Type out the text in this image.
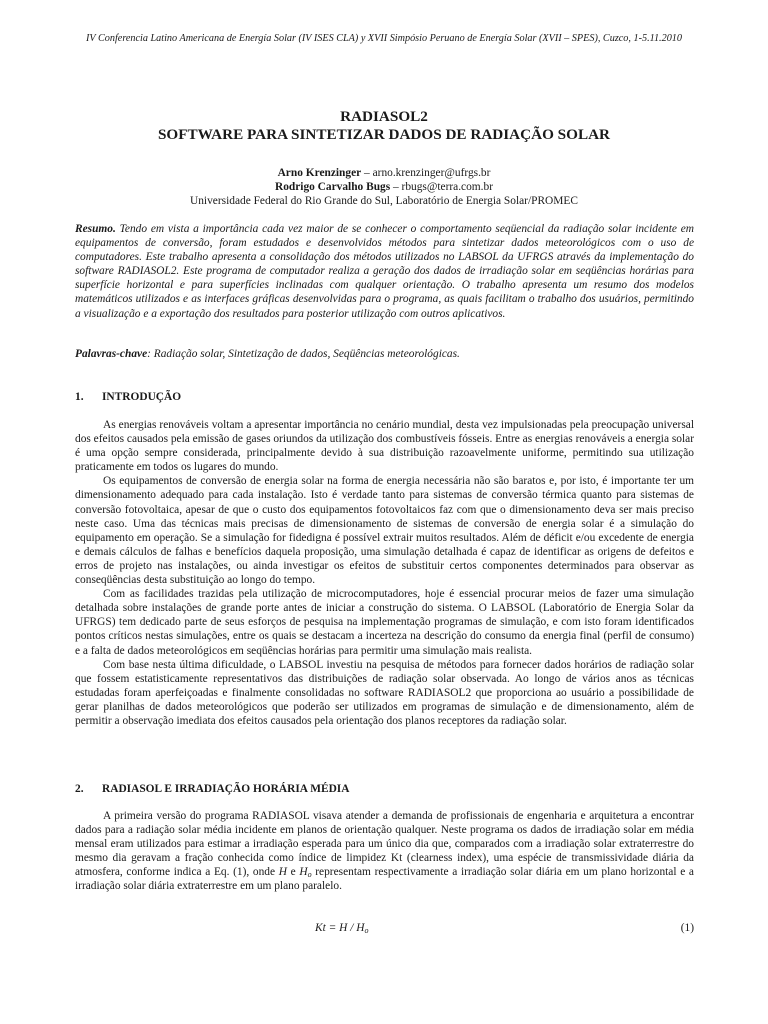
IV Conferencia Latino Americana de Energía Solar (IV ISES CLA) y XVII Simpósio Peruano de Energía Solar (XVII – SPES), Cuzco, 1-5.11.2010
RADIASOL2
SOFTWARE PARA SINTETIZAR DADOS DE RADIAÇÃO SOLAR
Arno Krenzinger – arno.krenzinger@ufrgs.br
Rodrigo Carvalho Bugs – rbugs@terra.com.br
Universidade Federal do Rio Grande do Sul, Laboratório de Energia Solar/PROMEC
Resumo. Tendo em vista a importância cada vez maior de se conhecer o comportamento seqüencial da radiação solar incidente em equipamentos de conversão, foram estudados e desenvolvidos métodos para sintetizar dados meteorológicos com o uso de computadores. Este trabalho apresenta a consolidação dos métodos utilizados no LABSOL da UFRGS através da implementação do software RADIASOL2. Este programa de computador realiza a geração dos dados de irradiação solar em seqüências horárias para superfície horizontal e para superfícies inclinadas com qualquer orientação. O trabalho apresenta um resumo dos modelos matemáticos utilizados e as interfaces gráficas desenvolvidas para o programa, as quais facilitam o trabalho dos usuários, permitindo a visualização e a exportação dos resultados para posterior utilização com outros aplicativos.
Palavras-chave: Radiação solar, Sintetização de dados, Seqüências meteorológicas.
1. INTRODUÇÃO

As energias renováveis voltam a apresentar importância no cenário mundial, desta vez impulsionadas pela preocupação universal dos efeitos causados pela emissão de gases oriundos da utilização dos combustíveis fósseis. Entre as energias renováveis a energia solar é uma opção sempre considerada, principalmente devido à sua distribuição razoavelmente uniforme, permitindo sua utilização praticamente em todos os lugares do mundo.

Os equipamentos de conversão de energia solar na forma de energia necessária não são baratos e, por isto, é importante ter um dimensionamento adequado para cada instalação. Isto é verdade tanto para sistemas de conversão térmica quanto para sistemas de conversão fotovoltaica, apesar de que o custo dos equipamentos fotovoltaicos faz com que o dimensionamento deva ser mais preciso neste caso. Uma das técnicas mais precisas de dimensionamento de sistemas de conversão de energia solar é a simulação do equipamento em operação. Se a simulação for fidedigna é possível extrair muitos resultados. Além de déficit e/ou excedente de energia e demais cálculos de falhas e benefícios daquela proposição, uma simulação detalhada é capaz de identificar as origens de defeitos e erros de projeto nas instalações, ou ainda investigar os efeitos de substituir certos componentes determinados para observar as conseqüências desta substituição ao longo do tempo.

Com as facilidades trazidas pela utilização de microcomputadores, hoje é essencial procurar meios de fazer uma simulação detalhada sobre instalações de grande porte antes de iniciar a construção do sistema. O LABSOL (Laboratório de Energia Solar da UFRGS) tem dedicado parte de seus esforços de pesquisa na implementação programas de simulação, e com isto foram identificados pontos críticos nestas simulações, entre os quais se destacam a incerteza na descrição do consumo da energia final (perfil de consumo) e a falta de dados meteorológicos em seqüências horárias para permitir uma simulação mais realista.

Com base nesta última dificuldade, o LABSOL investiu na pesquisa de métodos para fornecer dados horários de radiação solar que fossem estatisticamente representativos das distribuições de radiação solar observada. Ao longo de vários anos as técnicas estudadas foram aperfeiçoadas e finalmente consolidadas no software RADIASOL2 que proporciona ao usuário a possibilidade de gerar planilhas de dados meteorológicos que poderão ser utilizados em programas de simulação e de dimensionamento, além de permitir a observação imediata dos efeitos causados pela orientação dos planos receptores da radiação solar.

2. RADIASOL E IRRADIAÇÃO HORÁRIA MÉDIA

A primeira versão do programa RADIASOL visava atender a demanda de profissionais de engenharia e arquitetura a encontrar dados para a radiação solar média incidente em planos de orientação qualquer. Neste programa os dados de irradiação solar em média mensal eram utilizados para estimar a irradiação esperada para um único dia que, comparados com a irradiação solar extraterrestre do mesmo dia geravam a fração conhecida como índice de limpidez Kt (clearness index), uma espécie de transmissividade diária da atmosfera, conforme indica a Eq. (1), onde H e $H_o$ representam respectivamente a irradiação solar diária em um plano horizontal e a irradiação solar diária extraterrestre em um plano paralelo.

$Kt = H / H_o$	(1)
